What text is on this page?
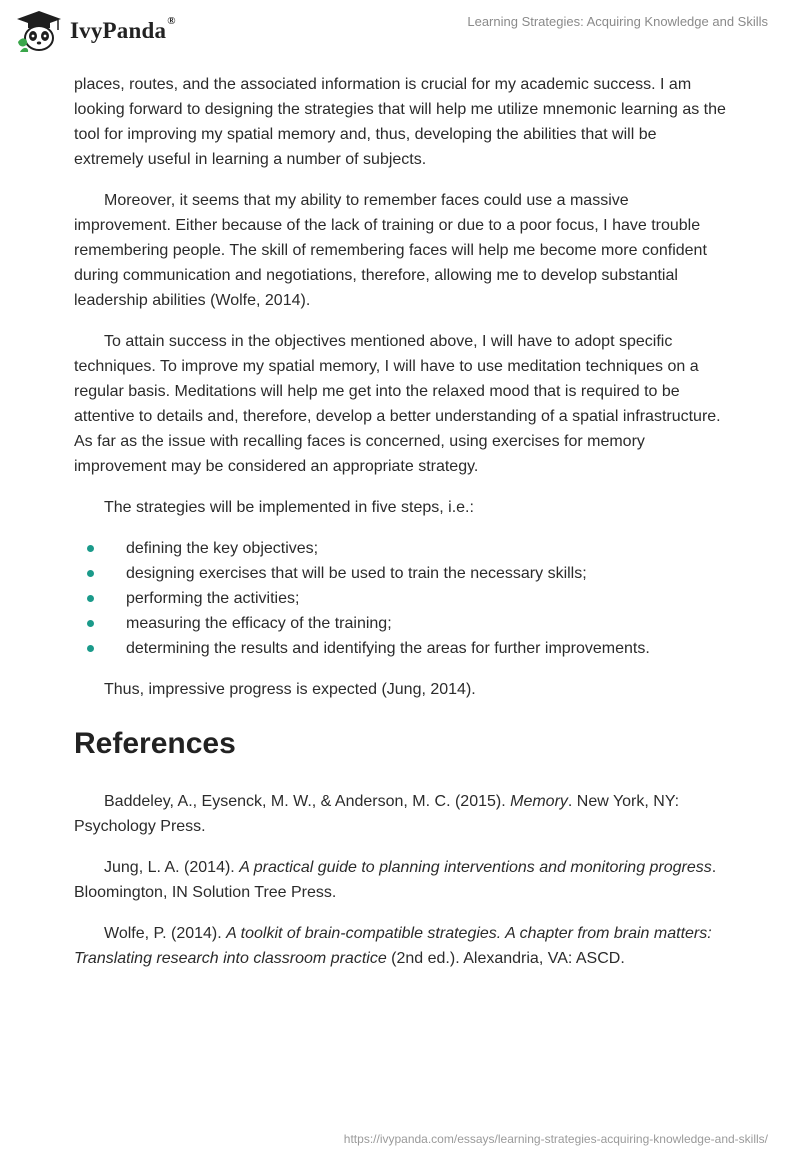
IvyPanda®	Learning Strategies: Acquiring Knowledge and Skills

places, routes, and the associated information is crucial for my academic success. I am looking forward to designing the strategies that will help me utilize mnemonic learning as the tool for improving my spatial memory and, thus, developing the abilities that will be extremely useful in learning a number of subjects.

Moreover, it seems that my ability to remember faces could use a massive improvement. Either because of the lack of training or due to a poor focus, I have trouble remembering people. The skill of remembering faces will help me become more confident during communication and negotiations, therefore, allowing me to develop substantial leadership abilities (Wolfe, 2014).

To attain success in the objectives mentioned above, I will have to adopt specific techniques. To improve my spatial memory, I will have to use meditation techniques on a regular basis. Meditations will help me get into the relaxed mood that is required to be attentive to details and, therefore, develop a better understanding of a spatial infrastructure. As far as the issue with recalling faces is concerned, using exercises for memory improvement may be considered an appropriate strategy.

The strategies will be implemented in five steps, i.e.:

defining the key objectives;
designing exercises that will be used to train the necessary skills;
performing the activities;
measuring the efficacy of the training;
determining the results and identifying the areas for further improvements.

Thus, impressive progress is expected (Jung, 2014).

References

Baddeley, A., Eysenck, M. W., & Anderson, M. C. (2015). Memory. New York, NY: Psychology Press.

Jung, L. A. (2014). A practical guide to planning interventions and monitoring progress. Bloomington, IN Solution Tree Press.

Wolfe, P. (2014). A toolkit of brain-compatible strategies. A chapter from brain matters: Translating research into classroom practice (2nd ed.). Alexandria, VA: ASCD.

https://ivypanda.com/essays/learning-strategies-acquiring-knowledge-and-skills/
